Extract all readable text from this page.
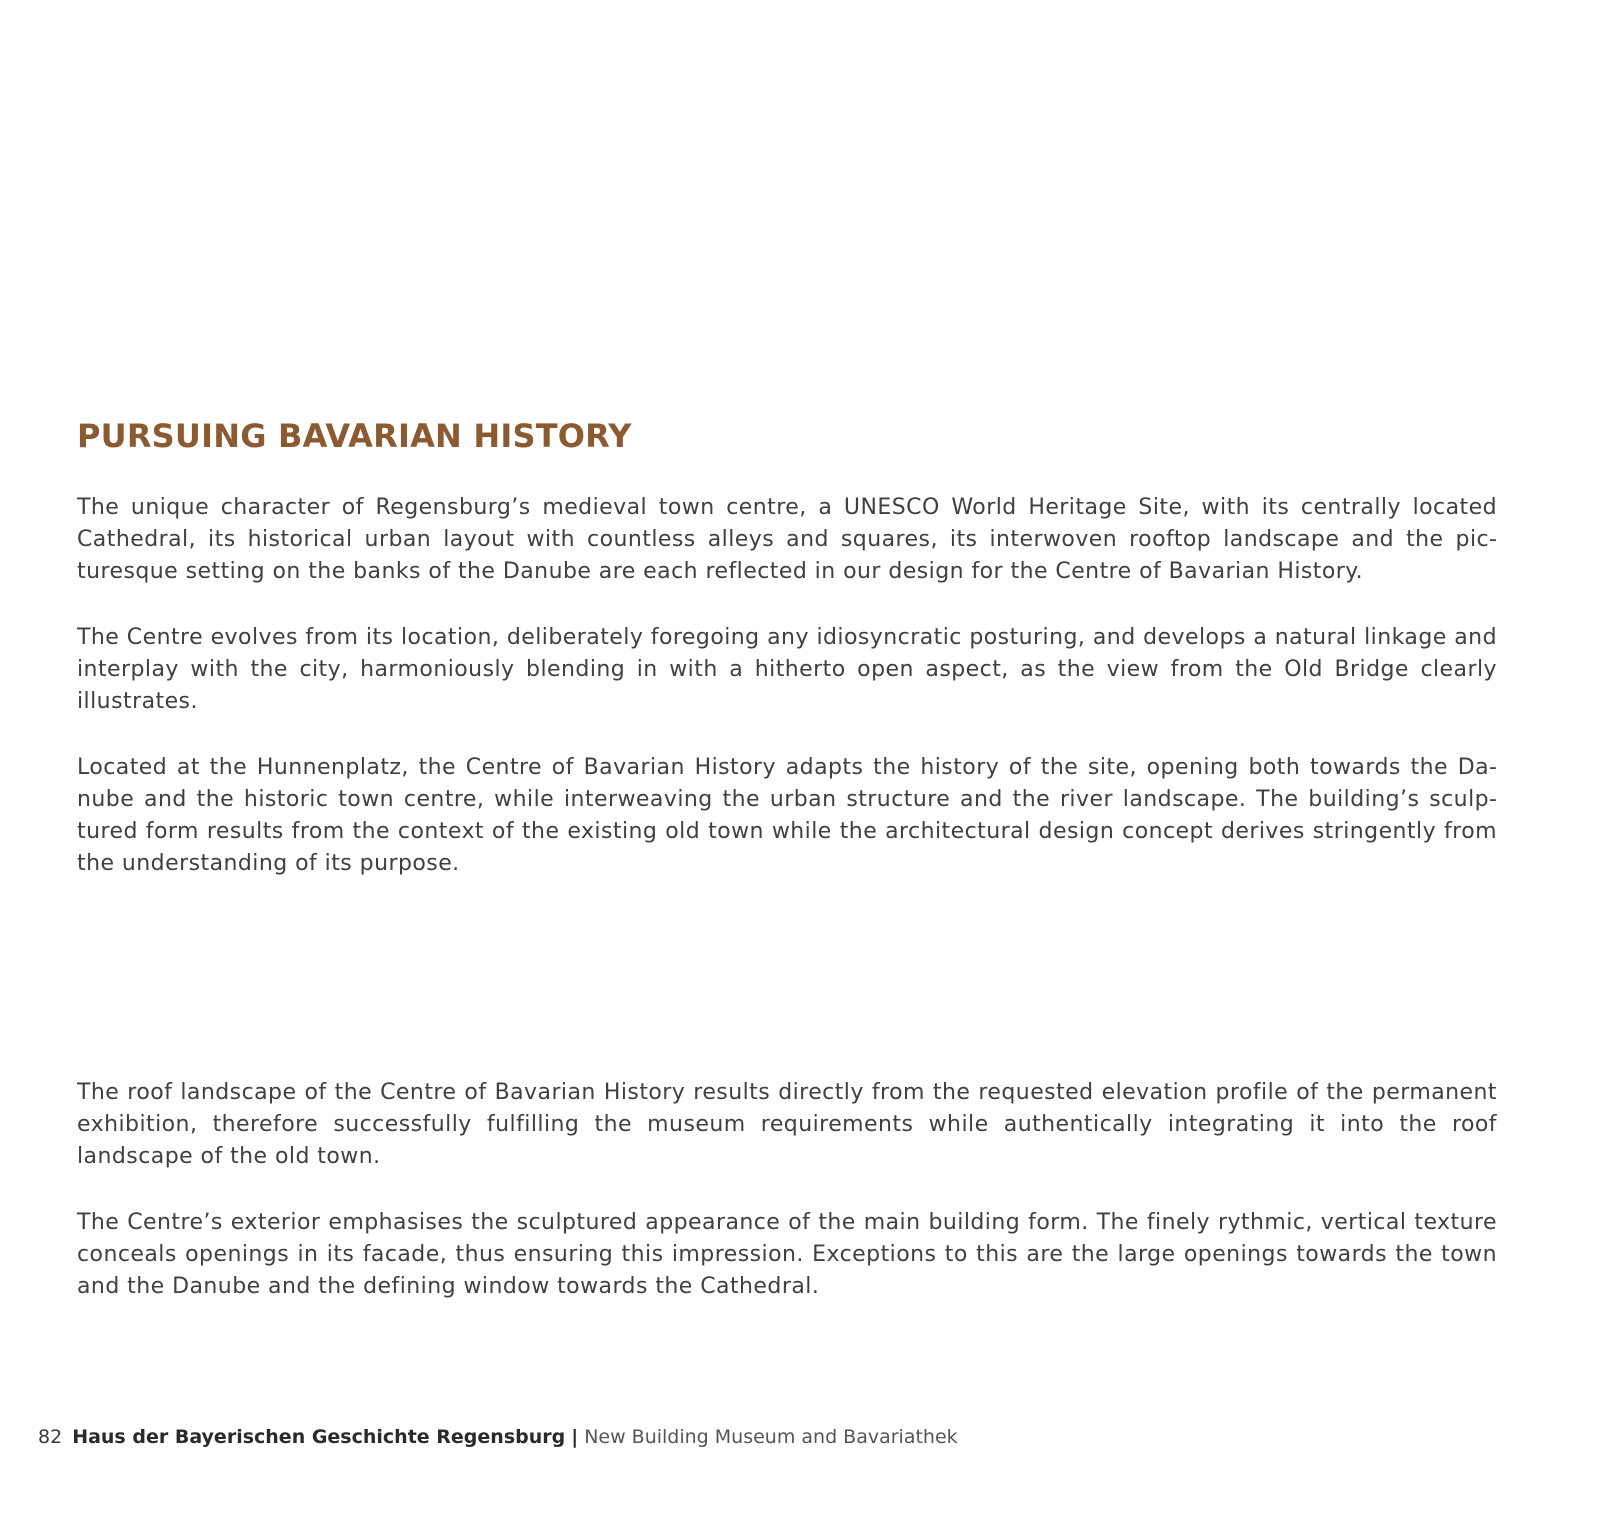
PURSUING BAVARIAN HISTORY

The unique character of Regensburg’s medieval town centre, a UNESCO World Heritage Site, with its centrally located Cathedral, its historical urban layout with countless alleys and squares, its interwoven rooftop landscape and the picturesque setting on the banks of the Danube are each reflected in our design for the Centre of Bavarian History.

The Centre evolves from its location, deliberately foregoing any idiosyncratic posturing, and develops a natural linkage and interplay with the city, harmoniously blending in with a hitherto open aspect, as the view from the Old Bridge clearly illustrates.

Located at the Hunnenplatz, the Centre of Bavarian History adapts the history of the site, opening both towards the Danube and the historic town centre, while interweaving the urban structure and the river landscape. The building’s sculptured form results from the context of the existing old town while the architectural design concept derives stringently from the understanding of its purpose.

The roof landscape of the Centre of Bavarian History results directly from the requested elevation profile of the permanent exhibition, therefore successfully fulfilling the museum requirements while authentically integrating it into the roof landscape of the old town.

The Centre’s exterior emphasises the sculptured appearance of the main building form. The finely rythmic, vertical texture conceals openings in its facade, thus ensuring this impression. Exceptions to this are the large openings towards the town and the Danube and the defining window towards the Cathedral.

82 Haus der Bayerischen Geschichte Regensburg | New Building Museum and Bavariathek
